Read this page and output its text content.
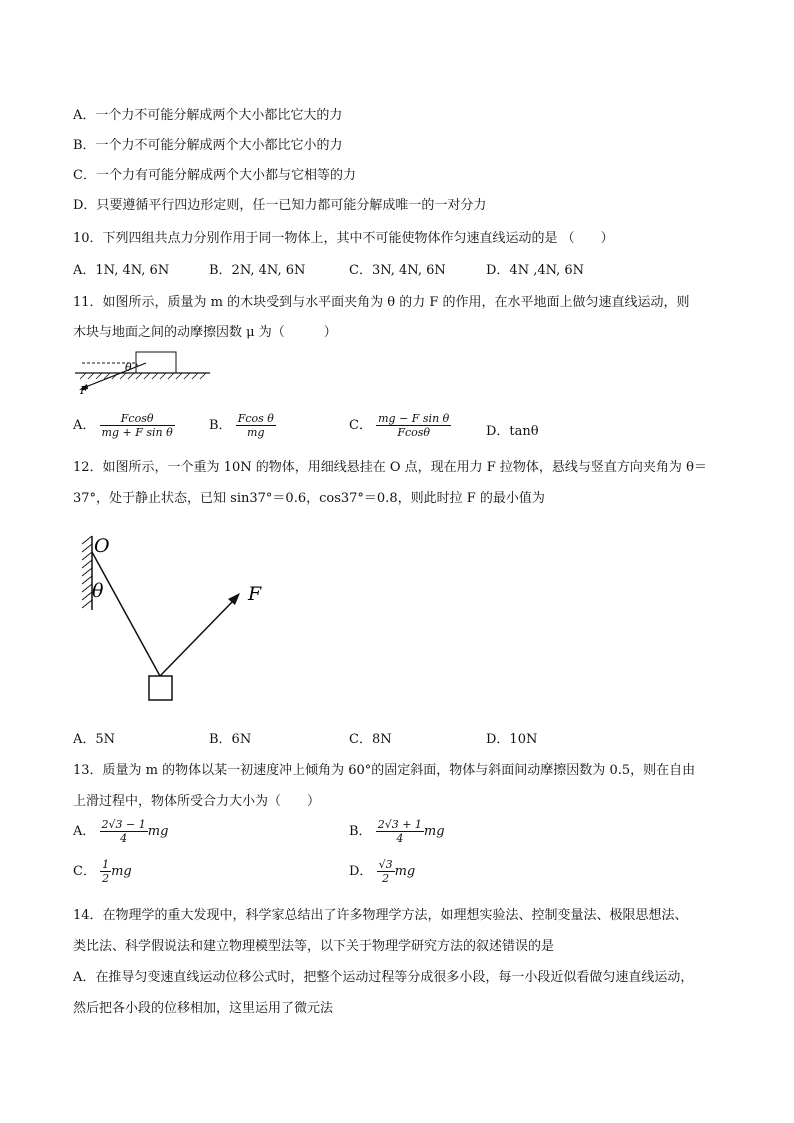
A．一个力不可能分解成两个大小都比它大的力
B．一个力不可能分解成两个大小都比它小的力
C．一个力有可能分解成两个大小都与它相等的力
D．只要遵循平行四边形定则，任一已知力都可能分解成唯一的一对分力
10．下列四组共点力分别作用于同一物体上，其中不可能使物体作匀速直线运动的是 （　　）
A．1N, 4N, 6N	B．2N, 4N, 6N	C．3N, 4N, 6N	D．4N ,4N, 6N
11．如图所示，质量为 m 的木块受到与水平面夹角为 θ 的力 F 的作用，在水平地面上做匀速直线运动，则
木块与地面之间的动摩擦因数 μ 为（　　　）
θ
F
A． $\frac{Fcos\theta}{\text{mg + F sin θ}}$	B． $\frac{\text{Fcos θ}}{mg}$	C． $\frac{\text{mg − F sin θ}}{Fcos\theta}$	D．tanθ
12．如图所示，一个重为 10N 的物体，用细线悬挂在 O 点，现在用力 F 拉物体，悬线与竖直方向夹角为 θ＝
37°，处于静止状态，已知 sin37°＝0.6，cos37°＝0.8，则此时拉 F 的最小值为
O
θ	F
A．5N	B．6N	C．8N	D．10N
13．质量为 m 的物体以某一初速度冲上倾角为 60°的固定斜面，物体与斜面间动摩擦因数为 0.5，则在自由
上滑过程中，物体所受合力大小为（　　）
A． $\frac{2√3 - 1}{4}$ mg	B． $\frac{2√3 + 1}{4}$ mg
C． $\frac{1}{2}$ mg	D． $\frac{√3}{2}$ mg
14．在物理学的重大发现中，科学家总结出了许多物理学方法，如理想实验法、控制变量法、极限思想法、
类比法、科学假说法和建立物理模型法等，以下关于物理学研究方法的叙述错误的是
A．在推导匀变速直线运动位移公式时，把整个运动过程等分成很多小段，每一小段近似看做匀速直线运动，
然后把各小段的位移相加，这里运用了微元法
